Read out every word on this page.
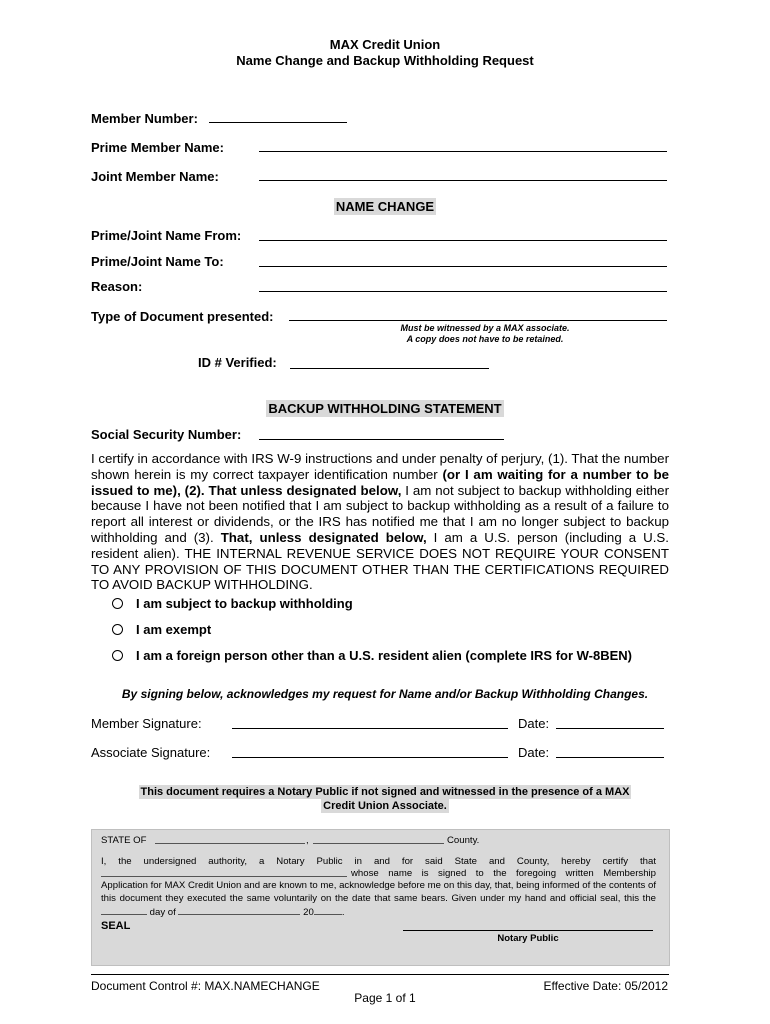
MAX Credit Union
Name Change and Backup Withholding Request
Member Number:
Prime Member Name:
Joint Member Name:
NAME CHANGE
Prime/Joint Name From:
Prime/Joint Name To:
Reason:
Type of Document presented:
Must be witnessed by a MAX associate.
A copy does not have to be retained.
ID # Verified:
BACKUP WITHHOLDING STATEMENT
Social Security Number:
I certify in accordance with IRS W-9 instructions and under penalty of perjury, (1). That the number shown herein is my correct taxpayer identification number (or I am waiting for a number to be issued to me), (2). That unless designated below, I am not subject to backup withholding either because I have not been notified that I am subject to backup withholding as a result of a failure to report all interest or dividends, or the IRS has notified me that I am no longer subject to backup withholding and (3). That, unless designated below, I am a U.S. person (including a U.S. resident alien). THE INTERNAL REVENUE SERVICE DOES NOT REQUIRE YOUR CONSENT TO ANY PROVISION OF THIS DOCUMENT OTHER THAN THE CERTIFICATIONS REQUIRED TO AVOID BACKUP WITHHOLDING.
I am subject to backup withholding
I am exempt
I am a foreign person other than a U.S. resident alien (complete IRS for W-8BEN)
By signing below, acknowledges my request for Name and/or Backup Withholding Changes.
Member Signature:	Date:
Associate Signature:	Date:
This document requires a Notary Public if not signed and witnessed in the presence of a MAX
Credit Union Associate.
STATE OF	,	County.
I, the undersigned authority, a Notary Public in and for said State and County, hereby certify that
whose name is signed to the foregoing written Membership
Application for MAX Credit Union and are known to me, acknowledge before me on this day, that, being informed of the contents of this document they executed the same voluntarily on the date that same bears. Given under my hand and official seal, this the  day of	20	.
SEAL
Notary Public
Document Control #: MAX.NAMECHANGE	Effective Date: 05/2012
Page 1 of 1
